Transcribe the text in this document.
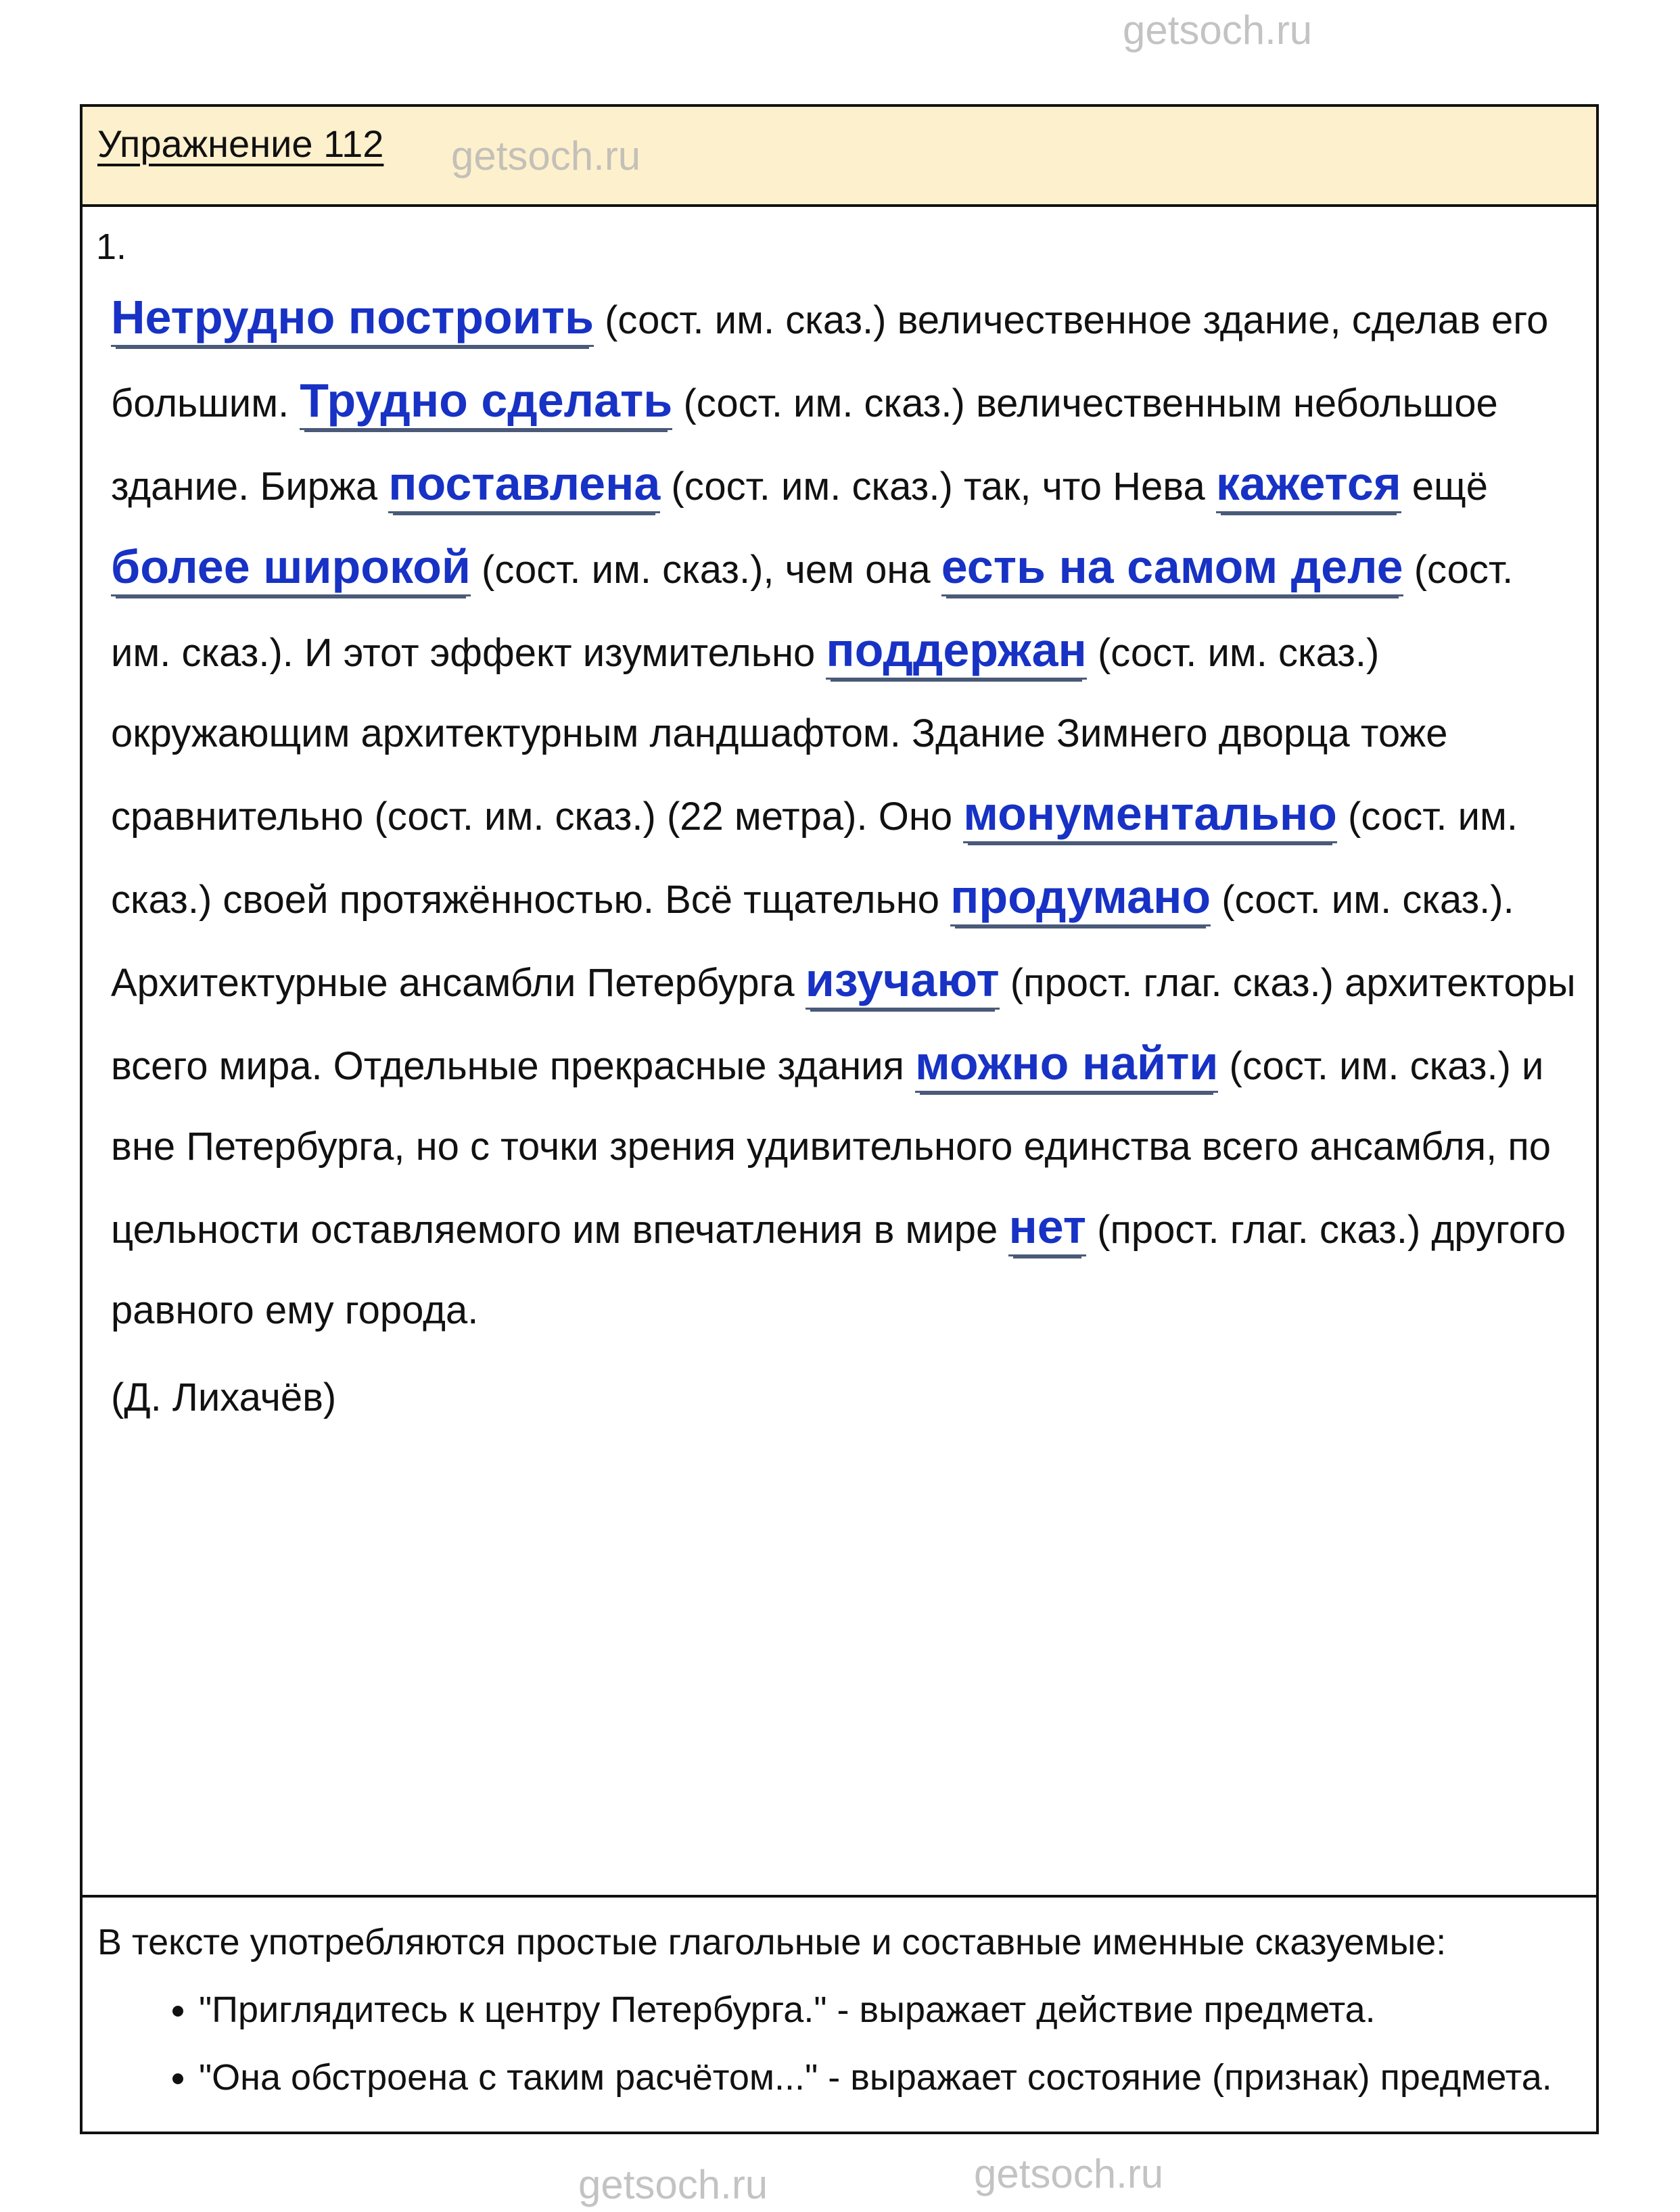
Упражнение 112 getsoch.ru
1.
Нетрудно построить (сост. им. сказ.) величественное здание, сделав его большим. Трудно сделать (сост. им. сказ.) величественным небольшое здание. Биржа поставлена (сост. им. сказ.) так, что Нева кажется ещё более широкой (сост. им. сказ.), чем она есть на самом деле (сост. им. сказ.). И этот эффект изумительно поддержан (сост. им. сказ.) окружающим архитектурным ландшафтом. Здание Зимнего дворца тоже сравнительно (сост. им. сказ.) (22 метра). Оно монументально (сост. им. сказ.) своей протяжённостью. Всё тщательно продумано (сост. им. сказ.). Архитектурные ансамбли Петербурга изучают (прост. глаг. сказ.) архитекторы всего мира. Отдельные прекрасные здания можно найти (сост. им. сказ.) и вне Петербурга, но с точки зрения удивительного единства всего ансамбля, по цельности оставляемого им впечатления в мире нет (прост. глаг. сказ.) другого равного ему города.
(Д. Лихачёв)

В тексте употребляются простые глагольные и составные именные сказуемые:

• "Приглядитесь к центру Петербурга." - выражает действие предмета.
• "Она обстроена с таким расчётом..." - выражает состояние (признак) предмета.
getsoch.ru
getsoch.ru
getsoch.ru
